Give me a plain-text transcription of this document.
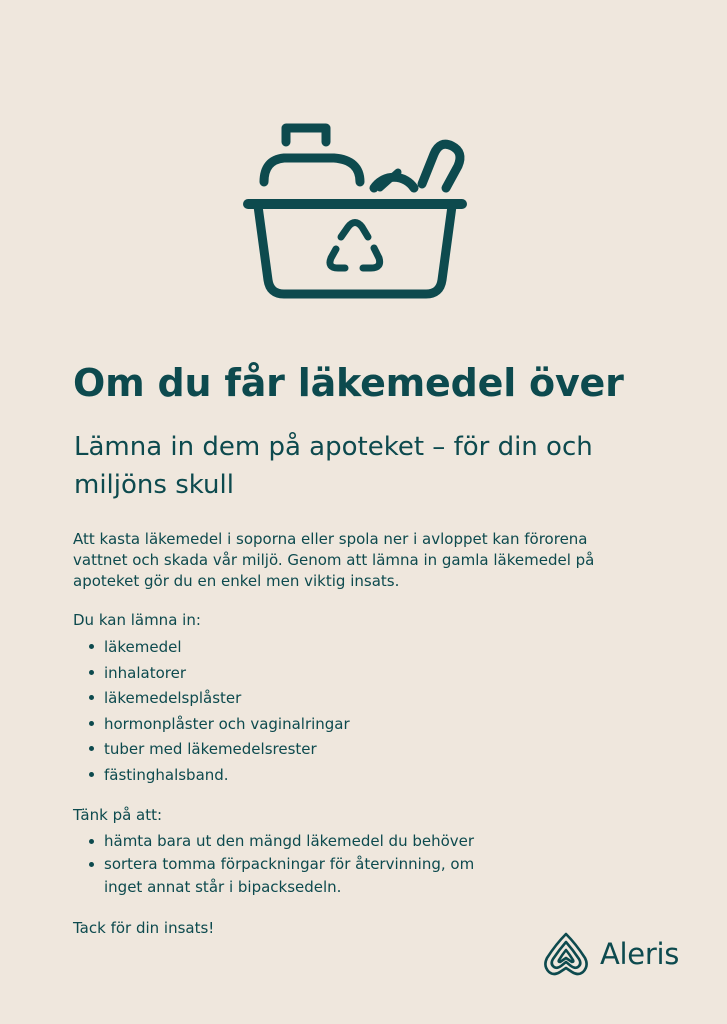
Om du får läkemedel över
Lämna in dem på apoteket – för din och miljöns skull

Att kasta läkemedel i soporna eller spola ner i avloppet kan förorena vattnet och skada vår miljö. Genom att lämna in gamla läkemedel på apoteket gör du en enkel men viktig insats.

Du kan lämna in:

läkemedel
inhalatorer
läkemedelsplåster
hormonplåster och vaginalringar
tuber med läkemedelsrester
fästinghalsband.

Tänk på att:

hämta bara ut den mängd läkemedel du behöver
sortera tomma förpackningar för återvinning, om inget annat står i bipacksedeln.

Tack för din insats!

Aleris
